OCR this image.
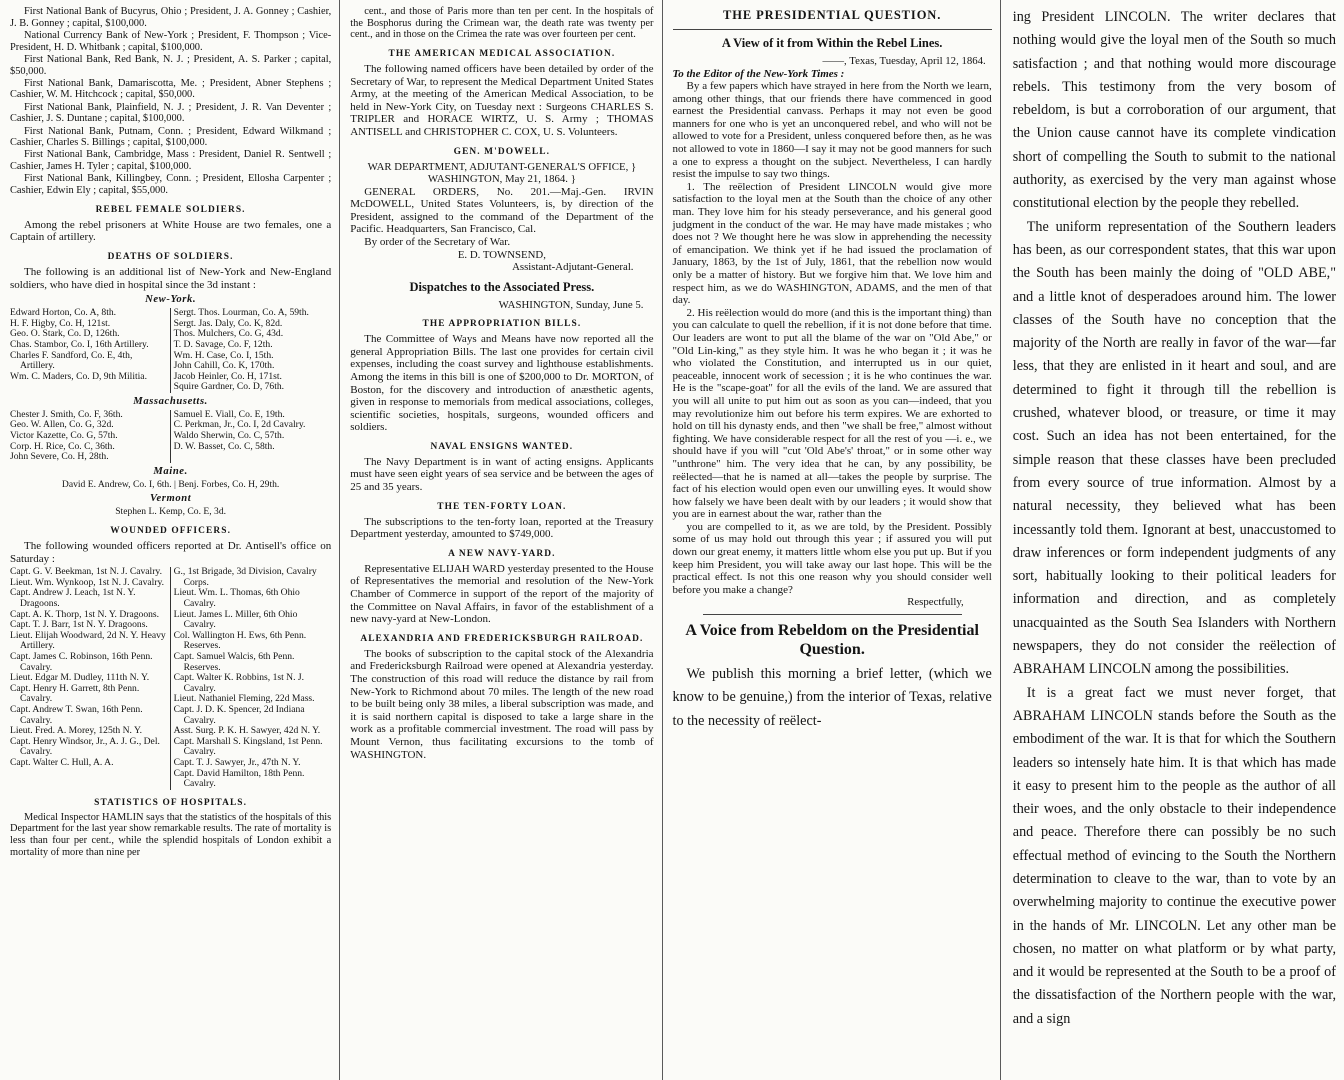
First National Bank of Bucyrus, Ohio ; President, J. A. Gonney ; Cashier, J. B. Gonney ; capital, $100,000.

National Currency Bank of New-York ; President, F. Thompson ; Vice-President, H. D. Whitbank ; capital, $100,000.

First National Bank, Red Bank, N. J. ; President, A. S. Parker ; capital, $50,000.

First National Bank, Damariscotta, Me. ; President, Abner Stephens ; Cashier, W. M. Hitchcock ; capital, $50,000.

First National Bank, Plainfield, N. J. ; President, J. R. Van Deventer ; Cashier, J. S. Duntane ; capital, $100,000.

First National Bank, Putnam, Conn. ; President, Edward Wilkmand ; Cashier, Charles S. Billings ; capital, $100,000.

First National Bank, Cambridge, Mass : President, Daniel R. Sentwell ; Cashier, James H. Tyler ; capital, $100,000.

First National Bank, Killingbey, Conn. ; President, Ellosha Carpenter ; Cashier, Edwin Ely ; capital, $55,000.

REBEL FEMALE SOLDIERS.

Among the rebel prisoners at White House are two females, one a Captain of artillery.

DEATHS OF SOLDIERS.

The following is an additional list of New-York and New-England soldiers, who have died in hospital since the 3d instant :

New-York.
Edward Horton, Co. A, 8th.
H. F. Higby, Co. H, 121st.
Geo. O. Stark, Co. D, 126th.
Chas. Stambor, Co. I, 16th Artillery.
Charles F. Sandford, Co. E, 4th, Artillery.
Wm. C. Maders, Co. D, 9th Militia.
Sergt. Thos. Lourman, Co. A, 59th.
Sergt. Jas. Daly, Co. K, 82d.
Thos. Mulchers, Co. G, 43d.
T. D. Savage, Co. F, 12th.
Wm. H. Case, Co. I, 15th.
John Cahill, Co. K, 170th.
Jacob Heinler, Co. H, 171st.
Squire Gardner, Co. D, 76th.
Massachusetts.
Chester J. Smith, Co. F, 36th.
Geo. W. Allen, Co. G, 32d.
Victor Kazette, Co. G, 57th.
Corp. H. Rice, Co. C, 36th.
John Severe, Co. H, 28th.
Samuel E. Viall, Co. E, 19th.
C. Perkman, Jr., Co. I, 2d Cavalry.
Waldo Sherwin, Co. C, 57th.
D. W. Basset, Co. C, 58th.
Maine.
David E. Andrew, Co. I, 6th. | Benj. Forbes, Co. H, 29th.
Vermont
Stephen L. Kemp, Co. E, 3d.
WOUNDED OFFICERS.

The following wounded officers reported at Dr. Antisell's office on Saturday :

Capt. G. V. Beekman, 1st N. J. Cavalry.
Lieut. Wm. Wynkoop, 1st N. J. Cavalry.
Capt. Andrew J. Leach, 1st N. Y. Dragoons.
Capt. A. K. Thorp, 1st N. Y. Dragoons.
Capt. T. J. Barr, 1st N. Y. Dragoons.
Lieut. Elijah Woodward, 2d N. Y. Heavy Artillery.
Capt. James C. Robinson, 16th Penn. Cavalry.
Lieut. Edgar M. Dudley, 111th N. Y.
Capt. Henry H. Garrett, 8th Penn. Cavalry.
Capt. Andrew T. Swan, 16th Penn. Cavalry.
Lieut. Fred. A. Morey, 125th N. Y.
Capt. Henry Windsor, Jr., A. J. G., Del. Cavalry.
Capt. Walter C. Hull, A. A.
G., 1st Brigade, 3d Division, Cavalry Corps.
Lieut. Wm. L. Thomas, 6th Ohio Cavalry.
Lieut. James L. Miller, 6th Ohio Cavalry.
Col. Wallington H. Ews, 6th Penn. Reserves.
Capt. Samuel Walcis, 6th Penn. Reserves.
Capt. Walter K. Robbins, 1st N. J. Cavalry.
Lieut. Nathaniel Fleming, 22d Mass.
Capt. J. D. K. Spencer, 2d Indiana Cavalry.
Asst. Surg. P. K. H. Sawyer, 42d N. Y.
Capt. Marshall S. Kingsland, 1st Penn. Cavalry.
Capt. T. J. Sawyer, Jr., 47th N. Y.
Capt. David Hamilton, 18th Penn. Cavalry.
STATISTICS OF HOSPITALS.

Medical Inspector HAMLIN says that the statistics of the hospitals of this Department for the last year show remarkable results. The rate of mortality is less than four per cent., while the splendid hospitals of London exhibit a mortality of more than nine per

cent., and those of Paris more than ten per cent. In the hospitals of the Bosphorus during the Crimean war, the death rate was twenty per cent., and in those on the Crimea the rate was over fourteen per cent.

THE AMERICAN MEDICAL ASSOCIATION.

The following named officers have been detailed by order of the Secretary of War, to represent the Medical Department United States Army, at the meeting of the American Medical Association, to be held in New-York City, on Tuesday next : Surgeons CHARLES S. TRIPLER and HORACE WIRTZ, U. S. Army ; THOMAS ANTISELL and CHRISTOPHER C. COX, U. S. Volunteers.

GEN. M'DOWELL.
WAR DEPARTMENT, ADJUTANT-GENERAL'S OFFICE, }
WASHINGTON, May 21, 1864. }

GENERAL ORDERS, No. 201.—Maj.-Gen. IRVIN McDOWELL, United States Volunteers, is, by direction of the President, assigned to the command of the Department of the Pacific. Headquarters, San Francisco, Cal.

By order of the Secretary of War.

E. D. TOWNSEND,
Assistant-Adjutant-General.
Dispatches to the Associated Press.
WASHINGTON, Sunday, June 5.
THE APPROPRIATION BILLS.

The Committee of Ways and Means have now reported all the general Appropriation Bills. The last one provides for certain civil expenses, including the coast survey and lighthouse establishments. Among the items in this bill is one of $200,000 to Dr. MORTON, of Boston, for the discovery and introduction of anæsthetic agents, given in response to memorials from medical associations, colleges, scientific societies, hospitals, surgeons, wounded officers and soldiers.

NAVAL ENSIGNS WANTED.

The Navy Department is in want of acting ensigns. Applicants must have seen eight years of sea service and be between the ages of 25 and 35 years.

THE TEN-FORTY LOAN.

The subscriptions to the ten-forty loan, reported at the Treasury Department yesterday, amounted to $749,000.

A NEW NAVY-YARD.

Representative ELIJAH WARD yesterday presented to the House of Representatives the memorial and resolution of the New-York Chamber of Commerce in support of the report of the majority of the Committee on Naval Affairs, in favor of the establishment of a new navy-yard at New-London.

ALEXANDRIA AND FREDERICKSBURGH RAILROAD.

The books of subscription to the capital stock of the Alexandria and Fredericksburgh Railroad were opened at Alexandria yesterday. The construction of this road will reduce the distance by rail from New-York to Richmond about 70 miles. The length of the new road to be built being only 38 miles, a liberal subscription was made, and it is said northern capital is disposed to take a large share in the work as a profitable commercial investment. The road will pass by Mount Vernon, thus facilitating excursions to the tomb of WASHINGTON.

THE PRESIDENTIAL QUESTION.
A View of it from Within the Rebel Lines.
——, Texas, Tuesday, April 12, 1864.
To the Editor of the New-York Times :

By a few papers which have strayed in here from the North we learn, among other things, that our friends there have commenced in good earnest the Presidential canvass. Perhaps it may not even be good manners for one who is yet an unconquered rebel, and who will not be allowed to vote for a President, unless conquered before then, as he was not allowed to vote in 1860—I say it may not be good manners for such a one to express a thought on the subject. Nevertheless, I can hardly resist the impulse to say two things.

1. The reëlection of President LINCOLN would give more satisfaction to the loyal men at the South than the choice of any other man. They love him for his steady perseverance, and his general good judgment in the conduct of the war. He may have made mistakes ; who does not ? We thought here he was slow in apprehending the necessity of emancipation. We think yet if he had issued the proclamation of January, 1863, by the 1st of July, 1861, that the rebellion now would only be a matter of history. But we forgive him that. We love him and respect him, as we do WASHINGTON, ADAMS, and the men of that day.

2. His reëlection would do more (and this is the important thing) than you can calculate to quell the rebellion, if it is not done before that time. Our leaders are wont to put all the blame of the war on "Old Abe," or "Old Lin-king," as they style him. It was he who began it ; it was he who violated the Constitution, and interrupted us in our quiet, peaceable, innocent work of secession ; it is he who continues the war. He is the "scape-goat" for all the evils of the land. We are assured that you will all unite to put him out as soon as you can—indeed, that you may revolutionize him out before his term expires. We are exhorted to hold on till his dynasty ends, and then "we shall be free," almost without fighting. We have considerable respect for all the rest of you —i. e., we should have if you will "cut 'Old Abe's' throat," or in some other way "unthrone" him. The very idea that he can, by any possibility, be reëlected—that he is named at all—takes the people by surprise. The fact of his election would open even our unwilling eyes. It would show how falsely we have been dealt with by our leaders ; it would show that you are in earnest about the war, rather than the

you are compelled to it, as we are told, by the President. Possibly some of us may hold out through this year ; if assured you will put down our great enemy, it matters little whom else you put up. But if you keep him President, you will take away our last hope. This will be the practical effect. Is not this one reason why you should consider well before you make a change?

Respectfully,
A Voice from Rebeldom on the Presidential Question.

We publish this morning a brief letter, (which we know to be genuine,) from the interior of Texas, relative to the necessity of reëlect-

ing President LINCOLN. The writer declares that nothing would give the loyal men of the South so much satisfaction ; and that nothing would more discourage rebels. This testimony from the very bosom of rebeldom, is but a corroboration of our argument, that the Union cause cannot have its complete vindication short of compelling the South to submit to the national authority, as exercised by the very man against whose constitutional election by the people they rebelled.

The uniform representation of the Southern leaders has been, as our correspondent states, that this war upon the South has been mainly the doing of "OLD ABE," and a little knot of desperadoes around him. The lower classes of the South have no conception that the majority of the North are really in favor of the war—far less, that they are enlisted in it heart and soul, and are determined to fight it through till the rebellion is crushed, whatever blood, or treasure, or time it may cost. Such an idea has not been entertained, for the simple reason that these classes have been precluded from every source of true information. Almost by a natural necessity, they believed what has been incessantly told them. Ignorant at best, unaccustomed to draw inferences or form independent judgments of any sort, habitually looking to their political leaders for information and direction, and as completely unacquainted as the South Sea Islanders with Northern newspapers, they do not consider the reëlection of ABRAHAM LINCOLN among the possibilities.

It is a great fact we must never forget, that ABRAHAM LINCOLN stands before the South as the embodiment of the war. It is that for which the Southern leaders so intensely hate him. It is that which has made it easy to present him to the people as the author of all their woes, and the only obstacle to their independence and peace. Therefore there can possibly be no such effectual method of evincing to the South the Northern determination to cleave to the war, than to vote by an overwhelming majority to continue the executive power in the hands of Mr. LINCOLN. Let any other man be chosen, no matter on what platform or by what party, and it would be represented at the South to be a proof of the dissatisfaction of the Northern people with the war, and a sign
